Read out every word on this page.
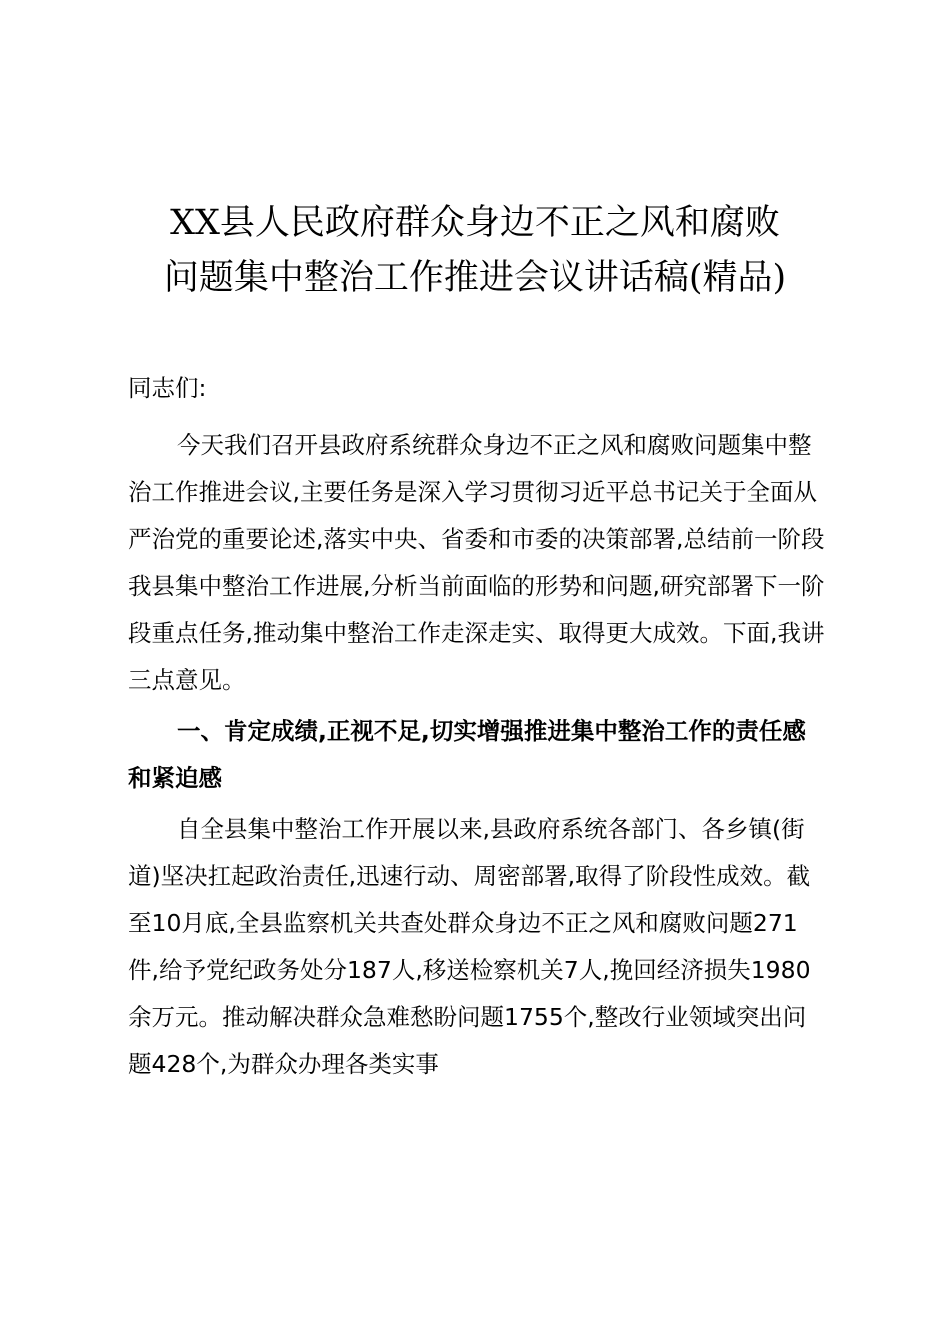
XX县人民政府群众身边不正之风和腐败
问题集中整治工作推进会议讲话稿(精品)

同志们:

今天我们召开县政府系统群众身边不正之风和腐败问题集中整治工作推进会议,主要任务是深入学习贯彻习近平总书记关于全面从严治党的重要论述,落实中央、省委和市委的决策部署,总结前一阶段我县集中整治工作进展,分析当前面临的形势和问题,研究部署下一阶段重点任务,推动集中整治工作走深走实、取得更大成效。下面,我讲三点意见。

一、肯定成绩,正视不足,切实增强推进集中整治工作的责任感和紧迫感

自全县集中整治工作开展以来,县政府系统各部门、各乡镇(街道)坚决扛起政治责任,迅速行动、周密部署,取得了阶段性成效。截至10月底,全县监察机关共查处群众身边不正之风和腐败问题271件,给予党纪政务处分187人,移送检察机关7人,挽回经济损失1980余万元。推动解决群众急难愁盼问题1755个,整改行业领域突出问题428个,为群众办理各类实事
